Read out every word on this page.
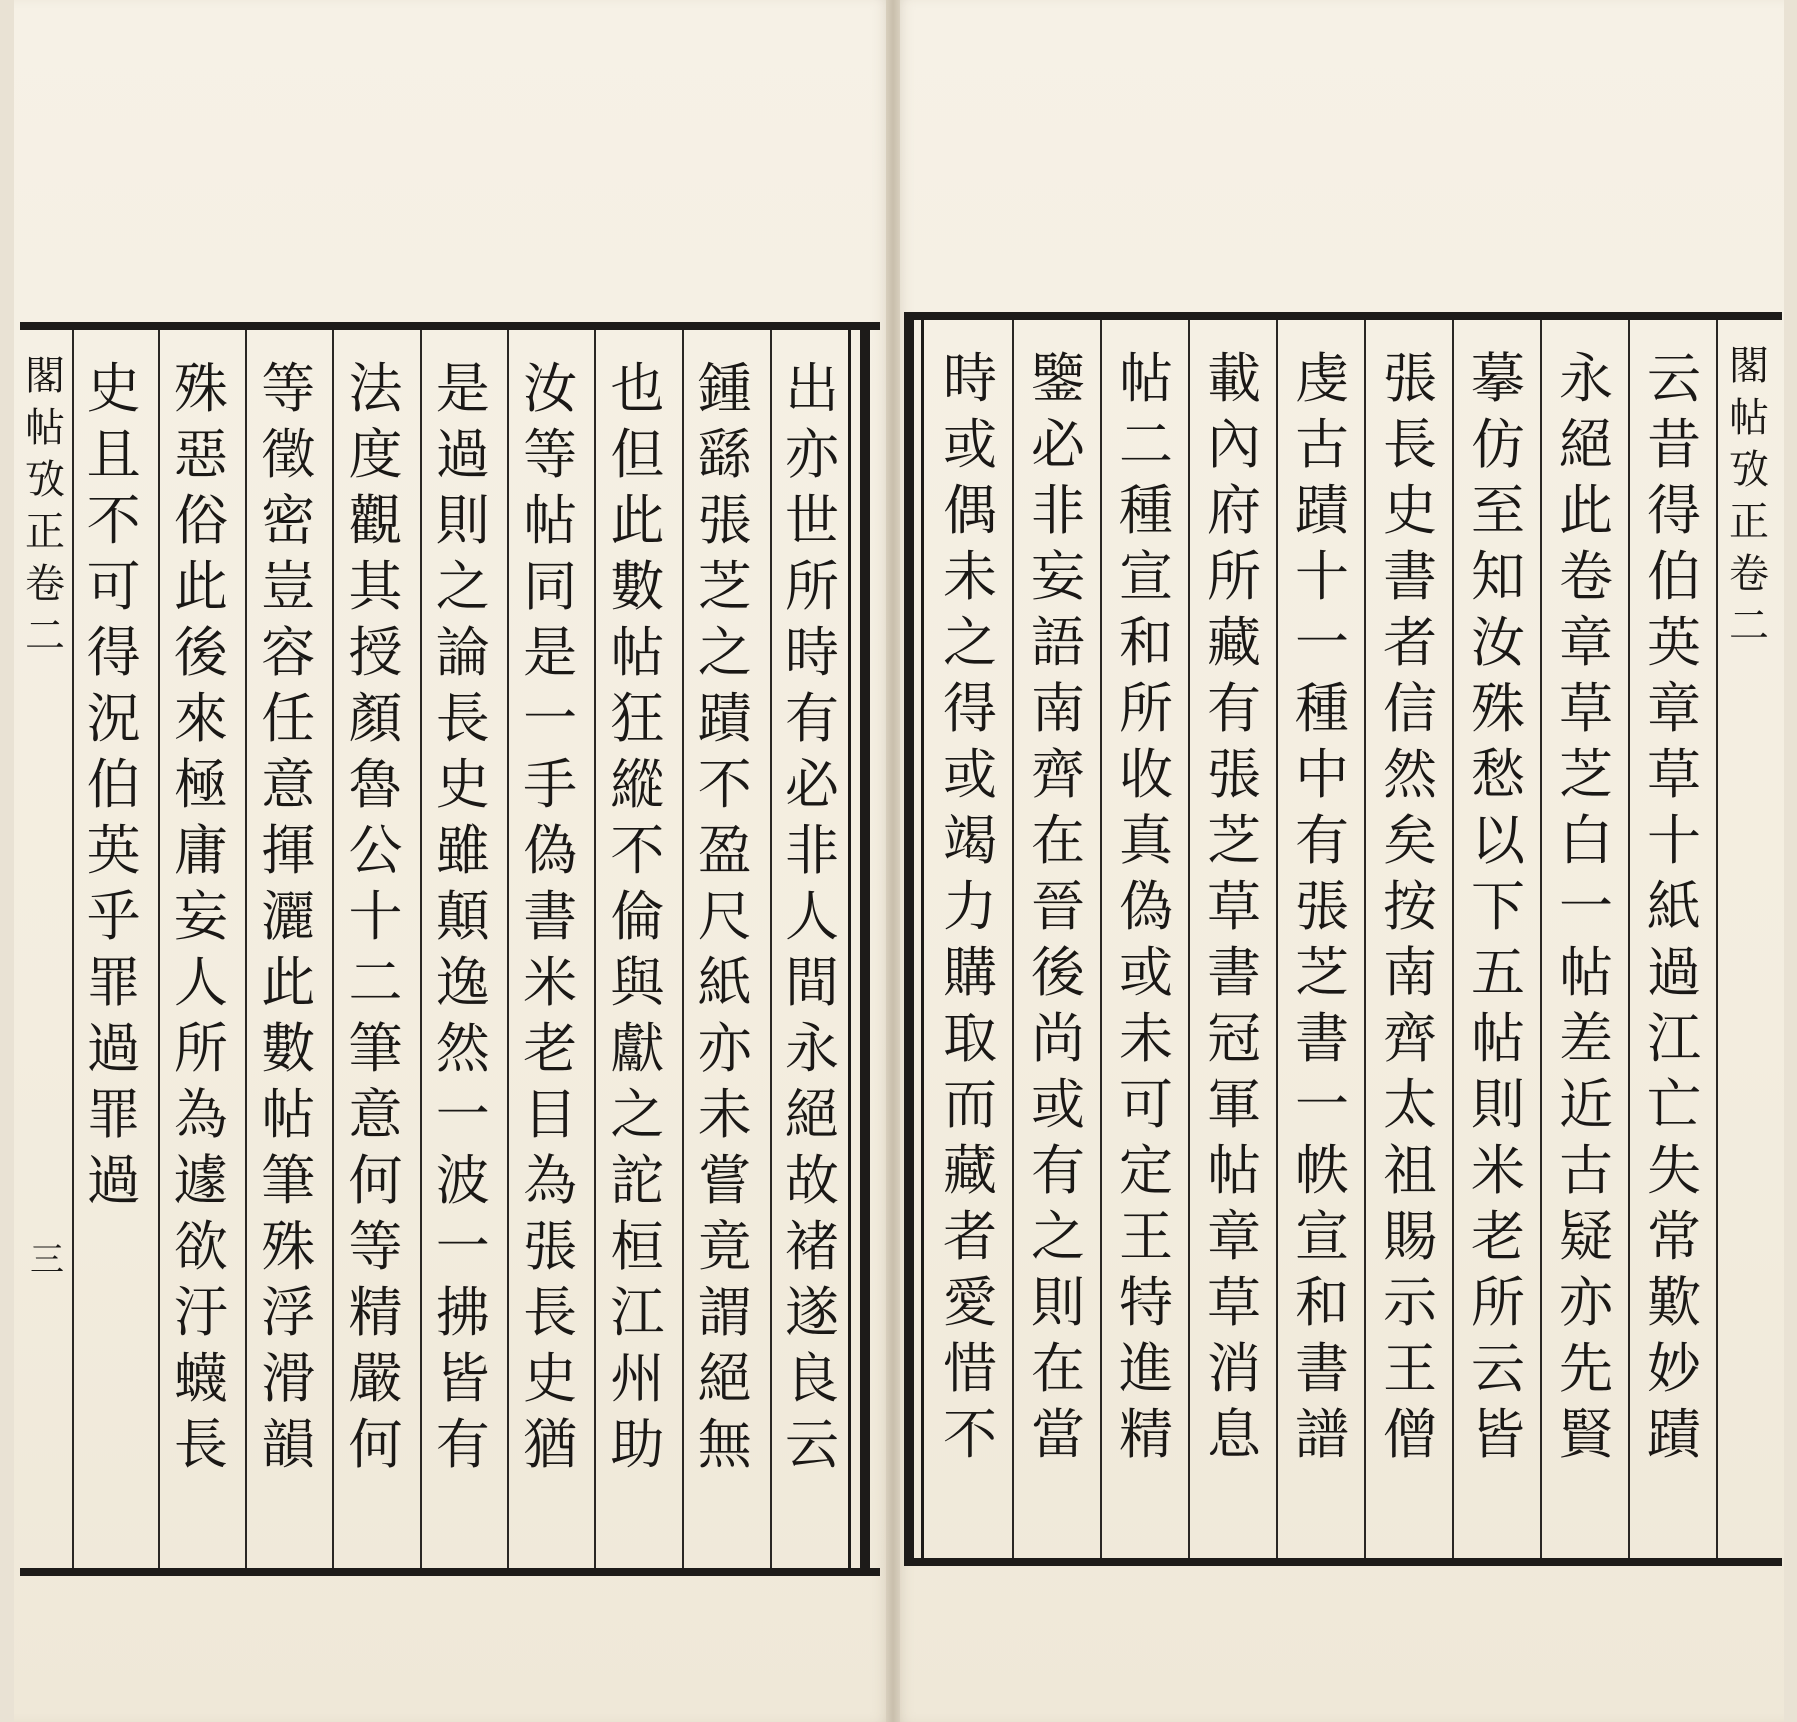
閣
帖
攷
正
卷
二
三
閣
帖
攷
正
卷
二
出
亦
世
所
時
有
必
非
人
間
永
絕
故
褚
遂
良
云
鍾
繇
張
芝
之
蹟
不
盈
尺
紙
亦
未
嘗
竟
謂
絕
無
也
但
此
數
帖
狂
縱
不
倫
與
獻
之
詑
桓
江
州
助
汝
等
帖
同
是
一
手
偽
書
米
老
目
為
張
長
史
猶
是
過
則
之
論
長
史
雖
顛
逸
然
一
波
一
拂
皆
有
法
度
觀
其
授
顏
魯
公
十
二
筆
意
何
等
精
嚴
何
等
徵
密
豈
容
任
意
揮
灑
此
數
帖
筆
殊
浮
滑
韻
殊
惡
俗
此
後
來
極
庸
妄
人
所
為
遽
欲
汙
蠛
長
史
且
不
可
得
況
伯
英
乎
罪
過
罪
過
云
昔
得
伯
英
章
草
十
紙
過
江
亡
失
常
歎
妙
蹟
永
絕
此
卷
章
草
芝
白
一
帖
差
近
古
疑
亦
先
賢
摹
仿
至
知
汝
殊
愁
以
下
五
帖
則
米
老
所
云
皆
張
長
史
書
者
信
然
矣
按
南
齊
太
祖
賜
示
王
僧
虔
古
蹟
十
一
種
中
有
張
芝
書
一
帙
宣
和
書
譜
載
內
府
所
藏
有
張
芝
草
書
冠
軍
帖
章
草
消
息
帖
二
種
宣
和
所
收
真
偽
或
未
可
定
王
特
進
精
鑒
必
非
妄
語
南
齊
在
晉
後
尚
或
有
之
則
在
當
時
或
偶
未
之
得
或
竭
力
購
取
而
藏
者
愛
惜
不
